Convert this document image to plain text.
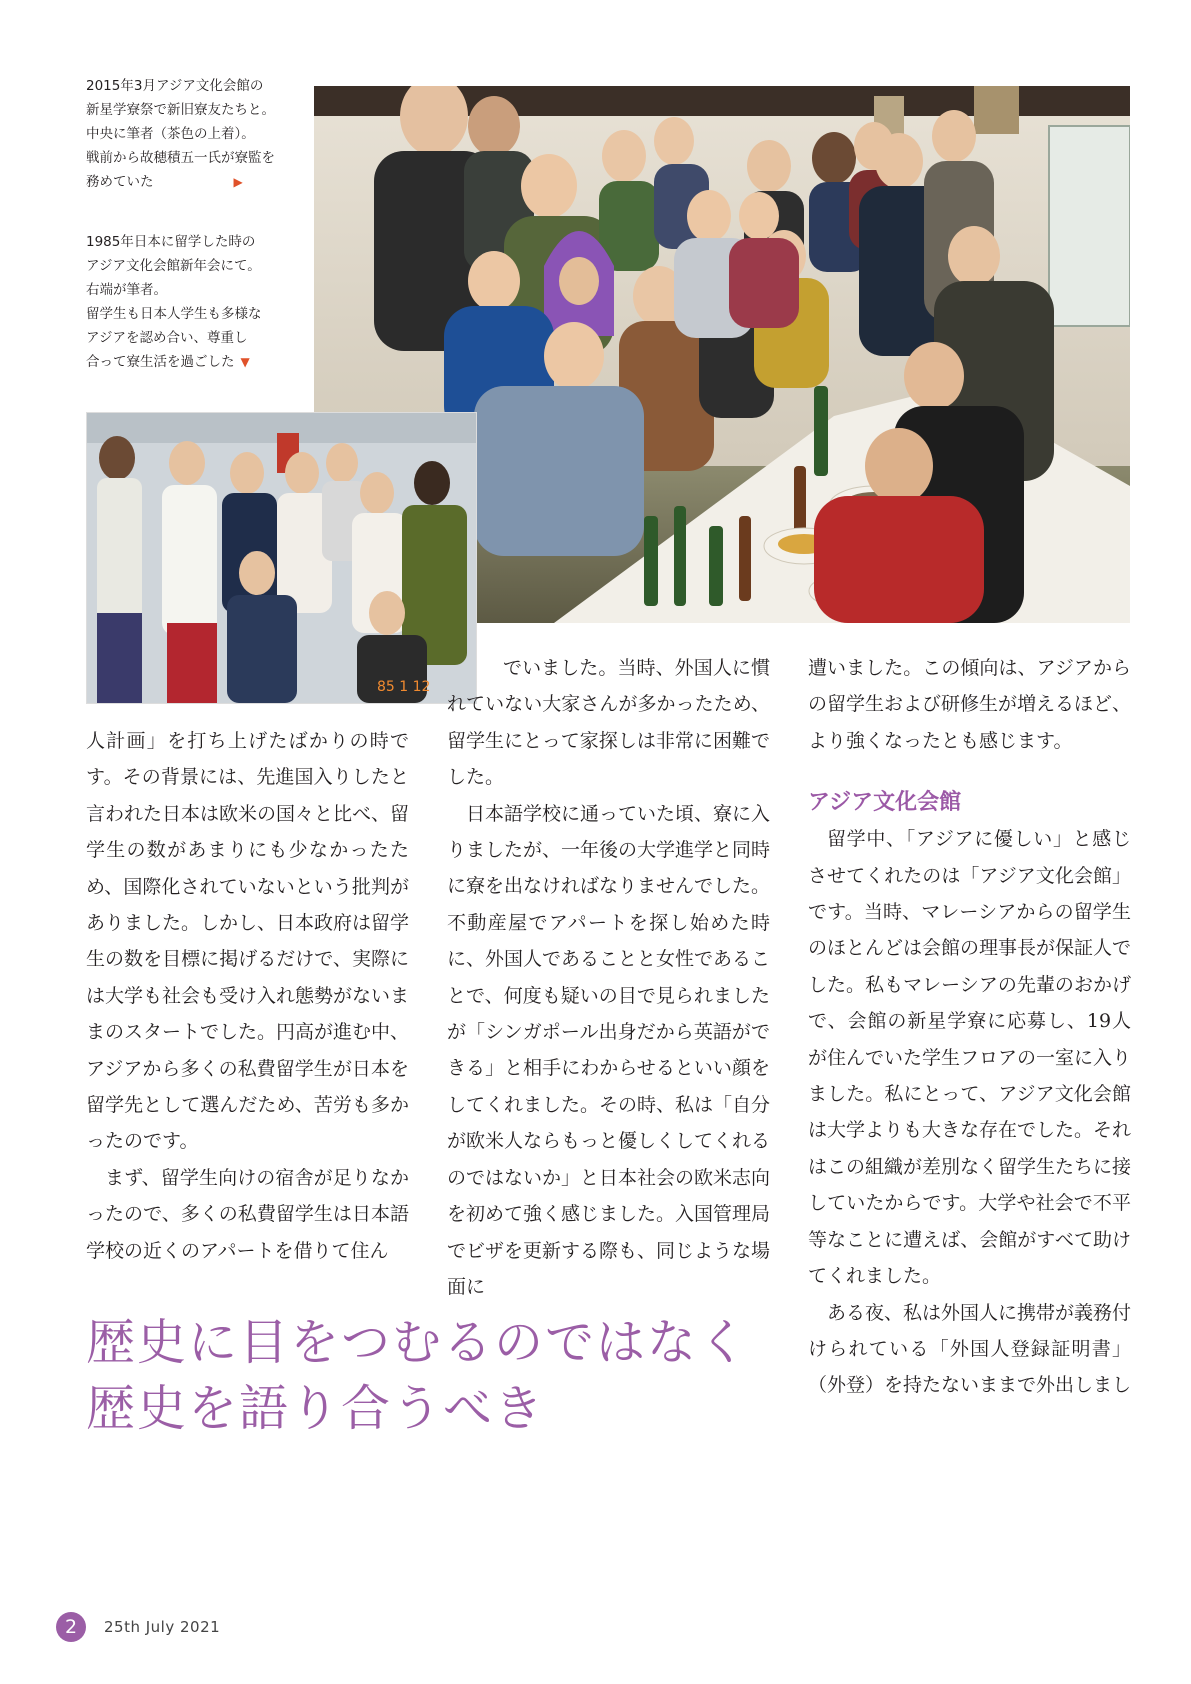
2015年3月アジア文化会館の
新星学寮祭で新旧寮友たちと。
中央に筆者（茶色の上着）。
戦前から故穂積五一氏が寮監を
務めていた	▶
1985年日本に留学した時の
アジア文化会館新年会にて。
右端が筆者。
留学生も日本人学生も多様な
アジアを認め合い、尊重し
合って寮生活を過ごした ▼
85 1 12

人計画」を打ち上げたばかりの時です。その背景には、先進国入りしたと言われた日本は欧米の国々と比べ、留学生の数があまりにも少なかったため、国際化されていないという批判がありました。しかし、日本政府は留学生の数を目標に掲げるだけで、実際には大学も社会も受け入れ態勢がないままのスタートでした。円高が進む中、アジアから多くの私費留学生が日本を留学先として選んだため、苦労も多かったのです。

まず、留学生向けの宿舎が足りなかったので、多くの私費留学生は日本語学校の近くのアパートを借りて住ん

でいました。当時、外国人に慣れていない大家さんが多かったため、留学生にとって家探しは非常に困難でした。

日本語学校に通っていた頃、寮に入りましたが、一年後の大学進学と同時に寮を出なければなりませんでした。不動産屋でアパートを探し始めた時に、外国人であることと女性であることで、何度も疑いの目で見られましたが「シンガポール出身だから英語ができる」と相手にわからせるといい顔をしてくれました。その時、私は「自分が欧米人ならもっと優しくしてくれるのではないか」と日本社会の欧米志向を初めて強く感じました。入国管理局でビザを更新する際も、同じような場面に

遭いました。この傾向は、アジアからの留学生および研修生が増えるほど、より強くなったとも感じます。

アジア文化会館

留学中、「アジアに優しい」と感じさせてくれたのは「アジア文化会館」です。当時、マレーシアからの留学生のほとんどは会館の理事長が保証人でした。私もマレーシアの先輩のおかげで、会館の新星学寮に応募し、19人が住んでいた学生フロアの一室に入りました。私にとって、アジア文化会館は大学よりも大きな存在でした。それはこの組織が差別なく留学生たちに接していたからです。大学や社会で不平等なことに遭えば、会館がすべて助けてくれました。

ある夜、私は外国人に携帯が義務付けられている「外国人登録証明書」（外登）を持たないままで外出しまし

歴史に目をつむるのではなく
歴史を語り合うべき
2	25th July 2021
